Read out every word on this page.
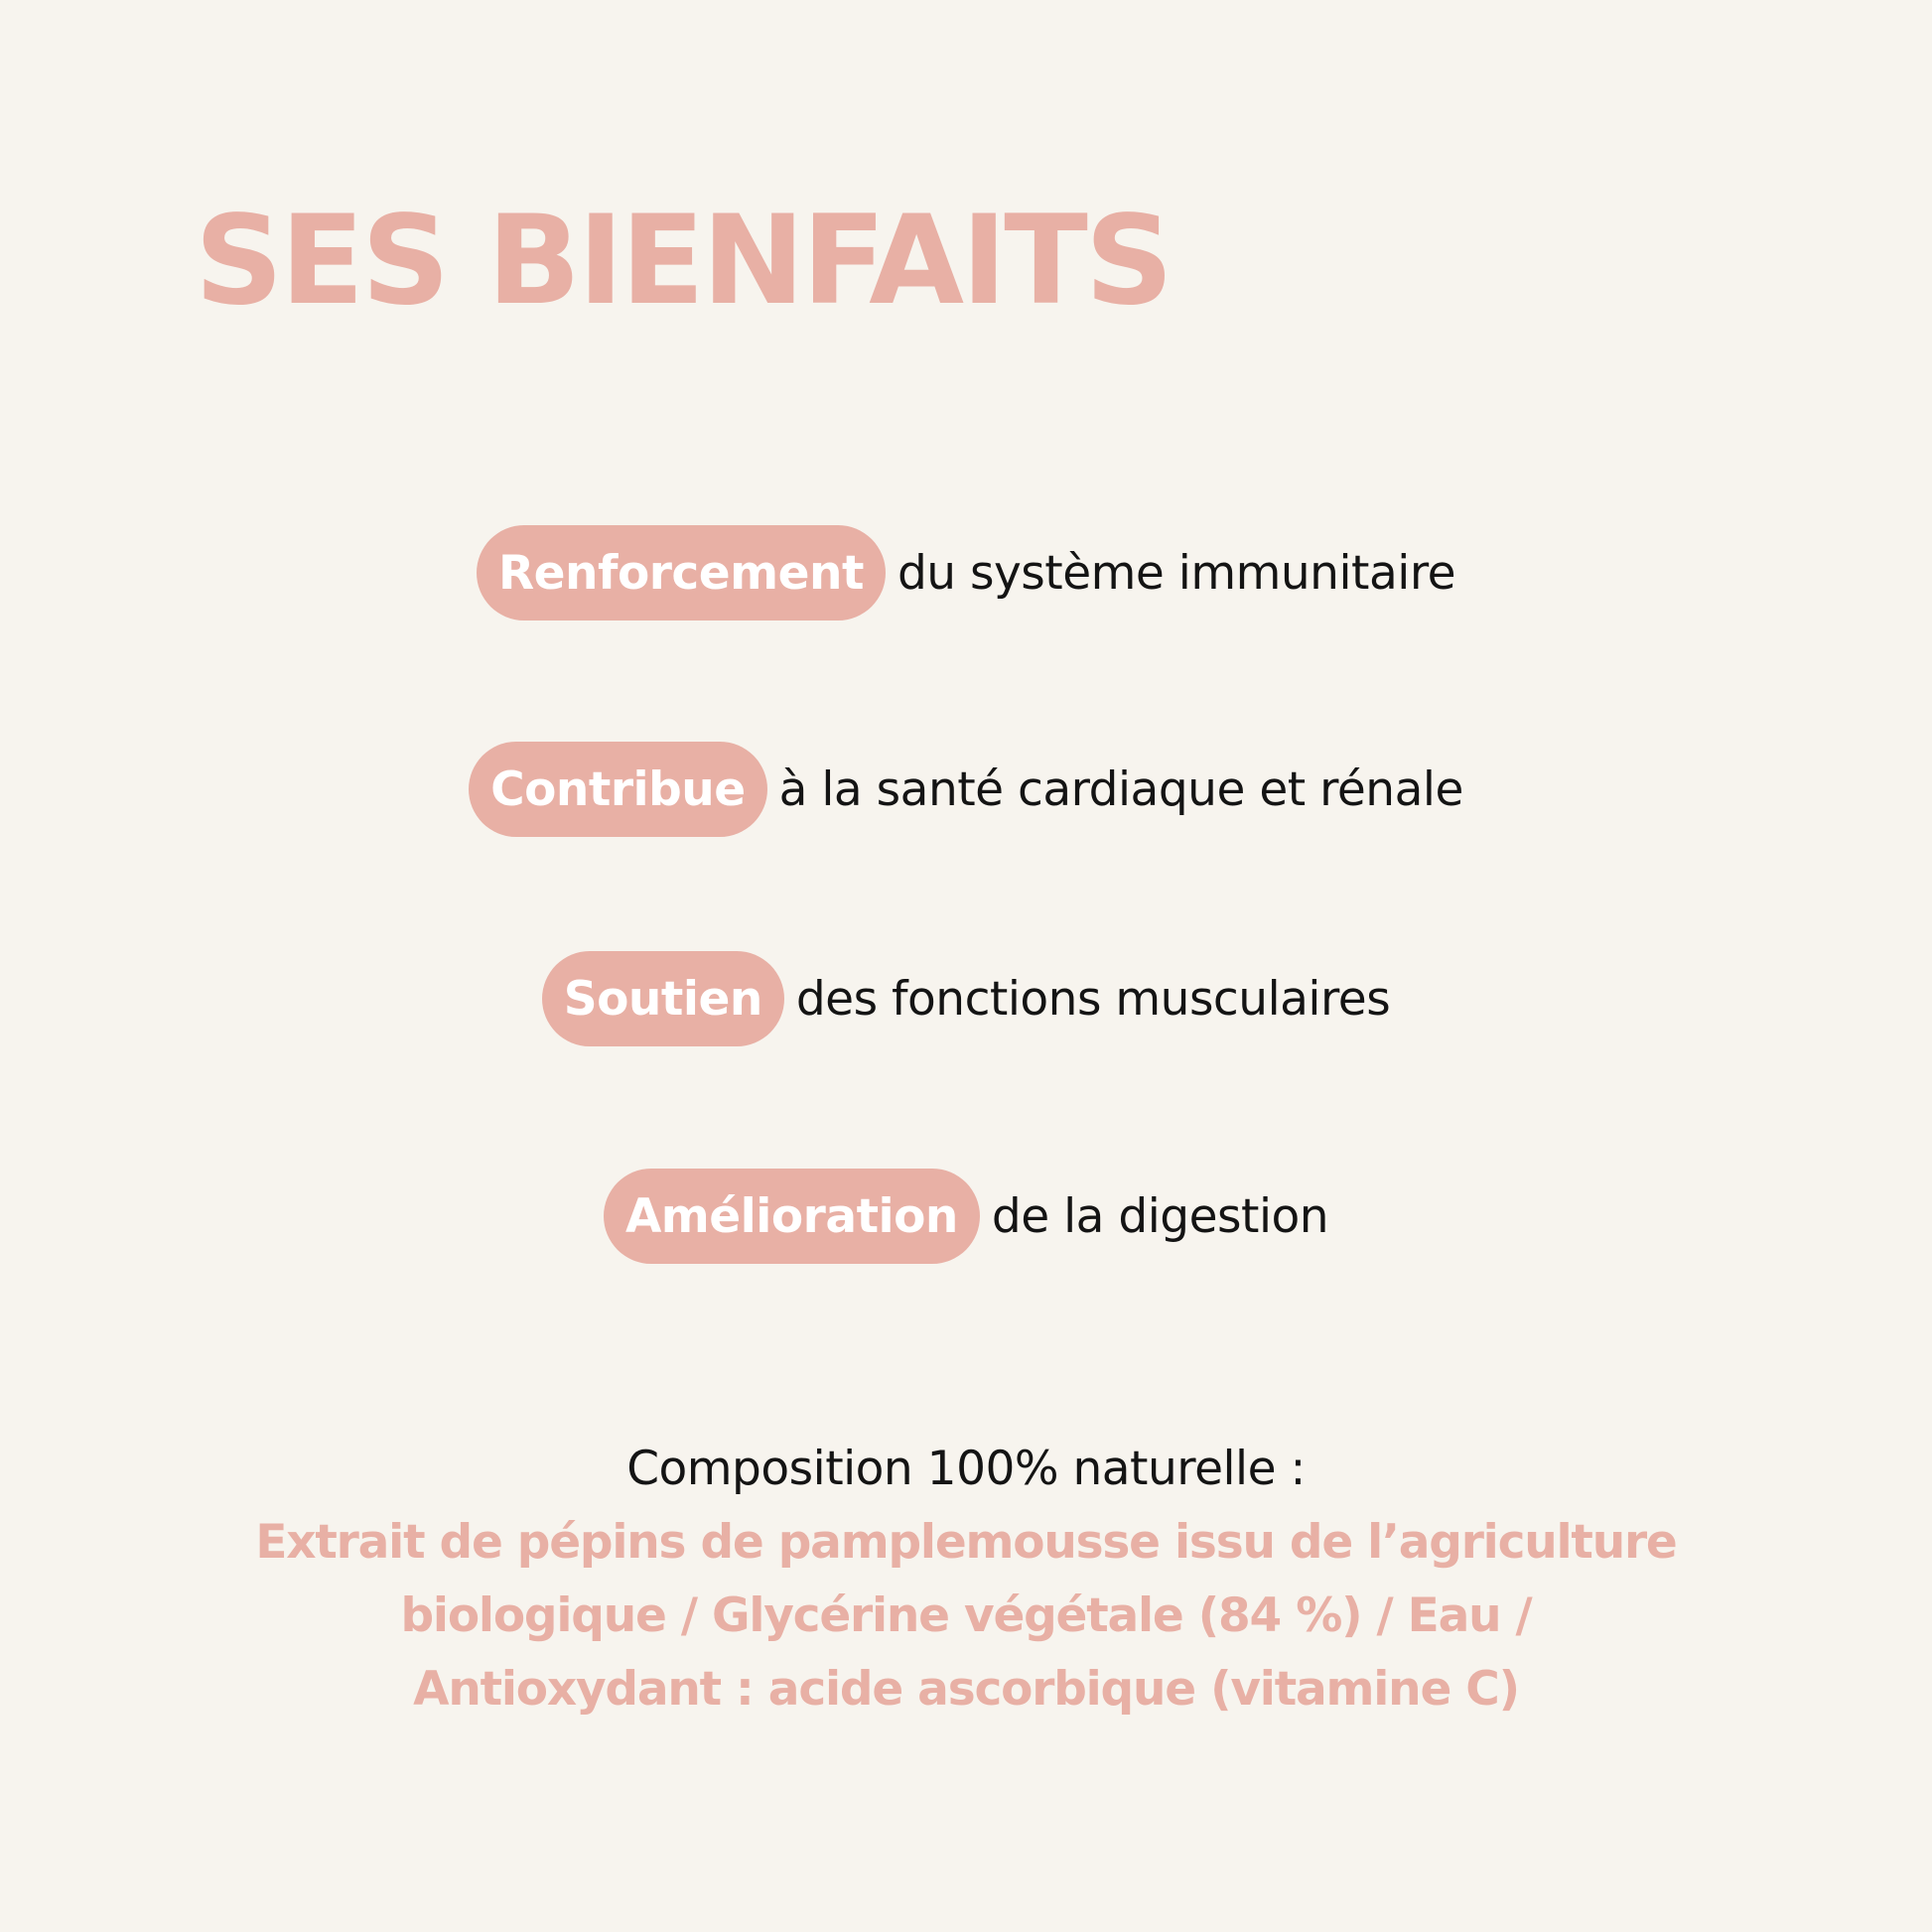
SES BIENFAITS
Renforcement du système immunitaire
Contribue à la santé cardiaque et rénale
Soutien des fonctions musculaires
Amélioration de la digestion
Composition 100% naturelle :
Extrait de pépins de pamplemousse issu de l’agriculture
biologique / Glycérine végétale (84 %) / Eau /
Antioxydant : acide ascorbique (vitamine C)
